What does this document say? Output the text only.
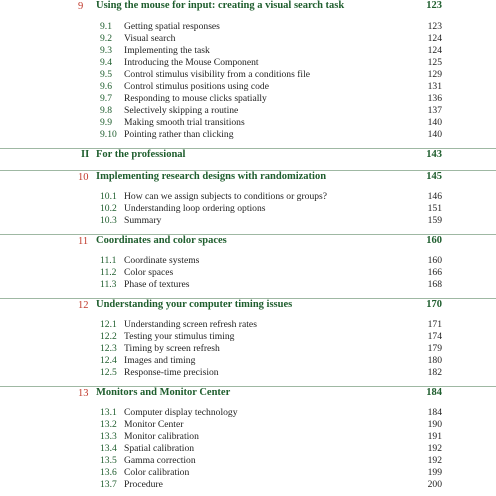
9 Using the mouse for input: creating a visual search task	123
9.1 Getting spatial responses	123
9.2 Visual search	124
9.3 Implementing the task	124
9.4 Introducing the Mouse Component	125
9.5 Control stimulus visibility from a conditions file	129
9.6 Control stimulus positions using code	131
9.7 Responding to mouse clicks spatially	136
9.8 Selectively skipping a routine	137
9.9 Making smooth trial transitions	140
9.10 Pointing rather than clicking	140
II For the professional	143
10 Implementing research designs with randomization	145
10.1 How can we assign subjects to conditions or groups?	146
10.2 Understanding loop ordering options	151
10.3 Summary	159
11 Coordinates and color spaces	160
11.1 Coordinate systems	160
11.2 Color spaces	166
11.3 Phase of textures	168
12 Understanding your computer timing issues	170
12.1 Understanding screen refresh rates	171
12.2 Testing your stimulus timing	174
12.3 Timing by screen refresh	179
12.4 Images and timing	180
12.5 Response-time precision	182
13 Monitors and Monitor Center	184
13.1 Computer display technology	184
13.2 Monitor Center	190
13.3 Monitor calibration	191
13.4 Spatial calibration	192
13.5 Gamma correction	192
13.6 Color calibration	199
13.7 Procedure	200
